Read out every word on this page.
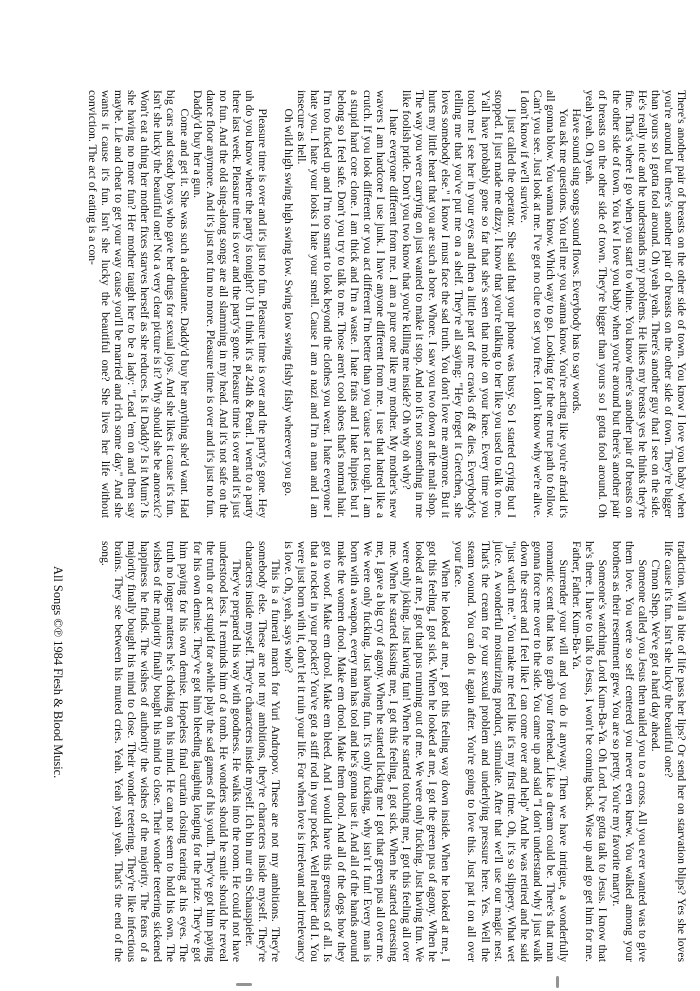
There's another pair of breasts on the other side of town. You know I love you baby when you're around but there's another pair of breasts on the other side of town. They're bigger than yours so I gotta fool around. Oh yeah yeah. There's another guy that I see on the side. He's really nice and he understands my problems. He likes my breasts yes he thinks they're fine. That's where I go when you start to whine. You know there's another pair of breasts on the other side of town. You kw I love you baby when you're around but there's another pair of breasts on the other side of town. They're bigger than yours so I gotta fool around. Oh yeah yeah. Oh yeah.

Have sound sing songs sound flows. Everybody has to say words.

You ask me questions. You tell me you wanna know. You're acting like you're afraid it's all gonna blow. You wanna know. Which way to go. Looking for the one true path to follow. Can't you see. Just look at me. I've got no clue to set you free. I don't know why we're alive. I don't know if we'll survive.

I just called the operator. She said that your phone was busy. So I started crying but I stopped. It just made me dizzy. I know that you're talking to her like you used to talk to me. Y'all have probably gone so far that she's seen that mole on your knee. Every time you touch me I see her in your eyes and then a little part of me crawls off & dies. Everybody's telling me that you've put me on a shelf. They're all saying: "Hey forget it Gretchen, she loves somebody else." I know I must face the sad truth. You don't love me anymore. But it hurts my little heart that you are such a bore. Whore. I saw you two down at the malt shop. The way you were carrying on just wanted to make it stop. And no it's not something in me like foolish pride. Don't you two know that you're killing me inside? Oh why oh why?

I hate everyone different from me. I am a pure one like my mother. My mother's new wavers I am hardcore I use junk. I have anyone different from me. I use that hatred like a crutch. If you look different or you act different I'm better than you 'cause I act tough. I am a stupid hard core clone. I am thick and I'm a waste. I hate frats and I hate hippies but I belong so I feel safe. Don't you try to talk to me. Those aren't cool shoes that's normal hair. I'm too fucked up and I'm too smart to look beyond the clothes you wear. I hate everyone I hate you. I hate your looks I hate your smell. Cause I am a nazi and I'm a man and I am insecure as hell.

Oh wild high swing high swing low. Swing low swing fishy fishy wherever you go.

Pleasure time is over and it's just no fun. Pleasure time is over and the party's gone. Hey uh do you know where the party is tonight? Uh I think it's at 24th & Pearl. I went to a party there last week. Pleasure time is over and the party's gone. Pleasure time is over and it's just no fun. And the old sing-along songs are all slamming in my head. And it's not safe on the dance floor anymore. And it's just not fun no more. Pleasure time is over and it's just no fun. Daddy'd buy her a gun.

Come and get it. She was such a debutante. Daddy'd buy her anything she'd want. Had big cars and steady boys who gave her drugs for sexual joys. And she likes it cause it's fun. Isn't she lucky the beautiful one! Not a very clear picture is it? Why should she be anorexic? Won't eat a thing her mother fixes starves herself as she reduces. Is it Daddy? Is it Mum? Is she having no more fun? Her mother taught her to be a lady: "Lead 'em on and then say maybe. Lie and cheat to get your way cause you'll be married and rich some day." And she wants it cause it's fun. Isn't she lucky the beautiful one? She lives her life without conviction. The act of eating is a con-

tradiction. Will a bite of life pass her lips? Or send her on starvation blips? Yes she loves life cause it's fun. Isn't she lucky the beautiful one?

C'mon Shep. We've got a hard day ahead.

Someone called you Jesus then nailed you to a cross. All you ever wanted was to give them love. You were so self centered you never even knew. You walked among your brothers as their resentment grew. You are so pretty. You're my favorite martyr.

Someone's watching Lord Kum-Ba-Ya. Oh Lord. I've gotta talk to Jesus. I know that he's there. I have to talk to Jesus, I won't be coming back. Wise up and go get him for me. Father, Father. Kum-Ba-Ya.

Surrender your will and you do it anyway. Then we have intrigue, a wonderfully romantic scent that has to grab your forehead. Like a dream could be. There's that man gonna force me over to the side. You came up and said "I don't understand why I just walk down the street and I feel like I can come over and help" And he was retired and he said "just watch me." You make me feel like it's my first time. Oh, it's so slippery. What wet juice. A wonderful moisturizing product, stimulate. After that we'll use our magic nest. That's the cream for your sexual problem and underlying pressure here. Yes. Well the steam wound. You can do it again after. You're going to love this. Just pat it on all over your face.

When he looked at me, I got this feeling way down inside. When he looked at me, I got this feeling, I got sick. When he looked at me, I got the green pus of agony. When he looked at me, I got that pus running out of me. We were only fucking. Just having fun. We were only joking. Just having fun! When he started touching me, I got this feeling all over me. When he started kissing me, I got this feeling, I got sick. When he started caressing me, I gave a big cry of agony. When he started licking me I got that green pus all over me. We were only fucking. Just having fun. It's only fucking, why isn't it fun! Every man is born with a weapon, every man has tool and he's gonna use it. And all of the hands around make the women drool. Make em drool. Make them drool. And all of the dogs how they got to woof. Make em drool. Make em bleed. And I would have this greatness of all. Is that a rocket in your pocket? You've got a stiff rod in your pocket. Well neither did I. You were just born with it, don't let it ruin your life. For when love is irrelevant and irrelevancy is love. Oh, yeah, says who?

This is a funeral march for Yuri Andropov. These are not my ambitions. They're somebody else. These are not my ambitions, they're characters inside myself. They're characters inside myself. They're characters inside myself. Ich bin nur ein Schauspieler.

They've prepared his way with goodness. He walks into the room. He could not have understood less. It reminds him of a tomb. He wonders should he smile should he reveal the truth or act stupid for awhile play the sad games of his youth. They've got him paying for his own demise. They've got him bleeding laughing longing for the prize. They've got him paying for his own demise. Hopeless final curtain closing tearing at his eyes. The truth no longer matters he's choking on his mind. He can not seem to hold his own. The wishes of the majority finally bought his mind to close. Their wonder teetering sickened happiness he finds. The wishes of authority the wishes of the majority. The fears of a majority finally bought his mind to close. Their wonder teetering. They're like infectious brains. They see between his muted cries. Yeah. Yeah yeah yeah. That's the end of the song.

All Songs ©℗ 1984 Flesh & Blood Music.
